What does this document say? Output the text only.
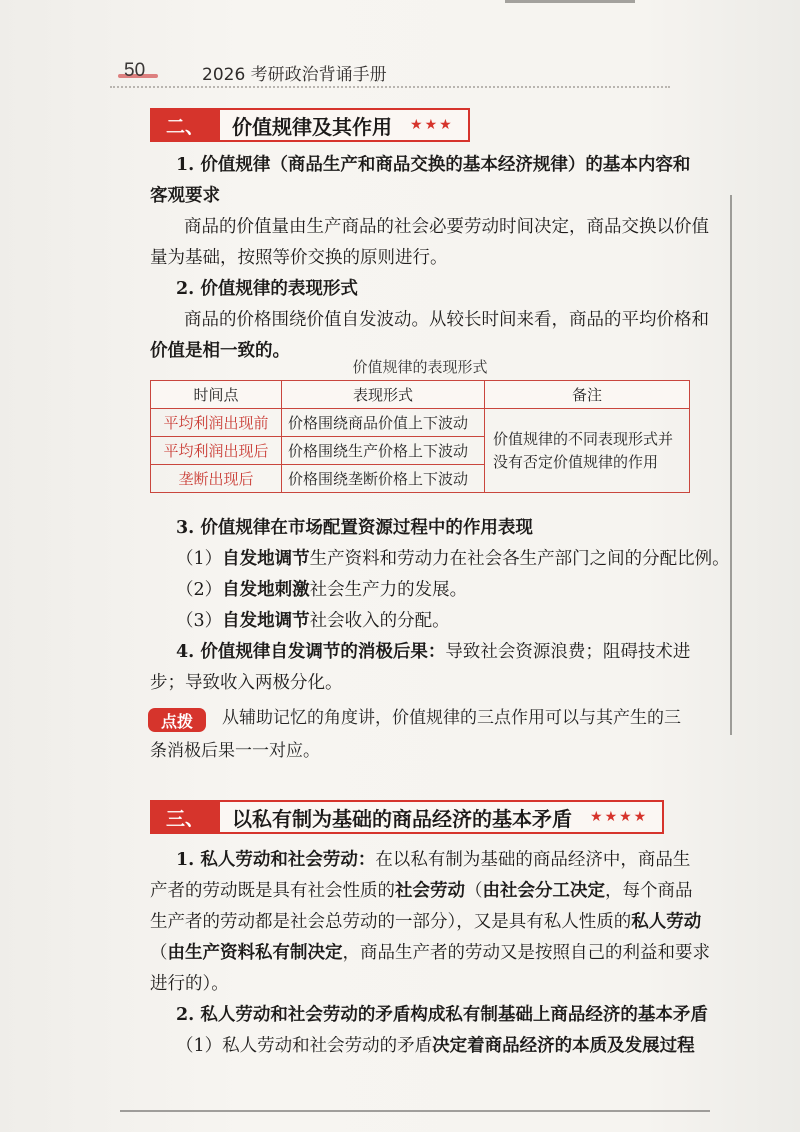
50	2026 考研政治背诵手册
二、	价值规律及其作用 ★★★
1. 价值规律（商品生产和商品交换的基本经济规律）的基本内容和
客观要求
商品的价值量由生产商品的社会必要劳动时间决定，商品交换以价值
量为基础，按照等价交换的原则进行。
2. 价值规律的表现形式
商品的价格围绕价值自发波动。从较长时间来看，商品的平均价格和
价值是相一致的。
价值规律的表现形式
时间点	表现形式	备注
平均利润出现前	价格围绕商品价值上下波动	价值规律的不同表现形式并没有否定价值规律的作用
平均利润出现后	价格围绕生产价格上下波动	
垄断出现后	价格围绕垄断价格上下波动	
3. 价值规律在市场配置资源过程中的作用表现
（1）自发地调节生产资料和劳动力在社会各生产部门之间的分配比例。
（2）自发地刺激社会生产力的发展。
（3）自发地调节社会收入的分配。
4. 价值规律自发调节的消极后果：导致社会资源浪费；阻碍技术进
步；导致收入两极分化。
点拨	从辅助记忆的角度讲，价值规律的三点作用可以与其产生的三
条消极后果一一对应。
三、	以私有制为基础的商品经济的基本矛盾 ★★★★
1. 私人劳动和社会劳动：在以私有制为基础的商品经济中，商品生
产者的劳动既是具有社会性质的社会劳动（由社会分工决定，每个商品
生产者的劳动都是社会总劳动的一部分），又是具有私人性质的私人劳动
（由生产资料私有制决定，商品生产者的劳动又是按照自己的利益和要求
进行的）。
2. 私人劳动和社会劳动的矛盾构成私有制基础上商品经济的基本矛盾
（1）私人劳动和社会劳动的矛盾决定着商品经济的本质及发展过程
